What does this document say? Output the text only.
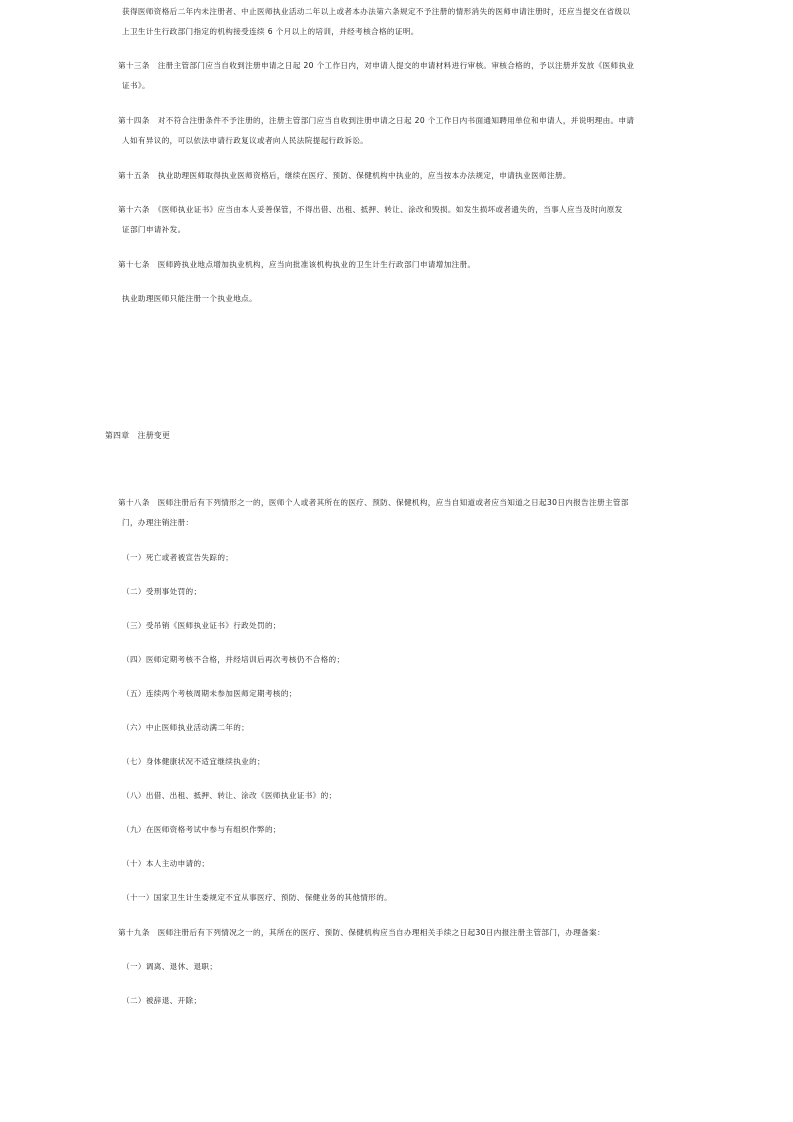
获得医师资格后二年内未注册者、中止医师执业活动二年以上或者本办法第六条规定不予注册的情形消失的医师申请注册时，还应当提交在省级以
上卫生计生行政部门指定的机构接受连续 6 个月以上的培训，并经考核合格的证明。
第十三条　注册主管部门应当自收到注册申请之日起 20 个工作日内，对申请人提交的申请材料进行审核。审核合格的，予以注册并发放《医师执业
证书》。
第十四条　对不符合注册条件不予注册的，注册主管部门应当自收到注册申请之日起 20 个工作日内书面通知聘用单位和申请人，并说明理由。申请
人如有异议的，可以依法申请行政复议或者向人民法院提起行政诉讼。
第十五条　执业助理医师取得执业医师资格后，继续在医疗、预防、保健机构中执业的，应当按本办法规定，申请执业医师注册。
第十六条　《医师执业证书》应当由本人妥善保管，不得出借、出租、抵押、转让、涂改和毁损。如发生损坏或者遗失的，当事人应当及时向原发
证部门申请补发。
第十七条　医师跨执业地点增加执业机构，应当向批准该机构执业的卫生计生行政部门申请增加注册。
执业助理医师只能注册一个执业地点。
第四章　注册变更
第十八条　医师注册后有下列情形之一的，医师个人或者其所在的医疗、预防、保健机构，应当自知道或者应当知道之日起30日内报告注册主管部
门，办理注销注册：
（一）死亡或者被宣告失踪的；
（二）受刑事处罚的；
（三）受吊销《医师执业证书》行政处罚的；
（四）医师定期考核不合格，并经培训后再次考核仍不合格的；
（五）连续两个考核周期未参加医师定期考核的；
（六）中止医师执业活动满二年的；
（七）身体健康状况不适宜继续执业的；
（八）出借、出租、抵押、转让、涂改《医师执业证书》的；
（九）在医师资格考试中参与有组织作弊的；
（十）本人主动申请的；
（十一）国家卫生计生委规定不宜从事医疗、预防、保健业务的其他情形的。
第十九条　医师注册后有下列情况之一的，其所在的医疗、预防、保健机构应当自办理相关手续之日起30日内报注册主管部门，办理备案：
（一）调离、退休、退职；
（二）被辞退、开除；
